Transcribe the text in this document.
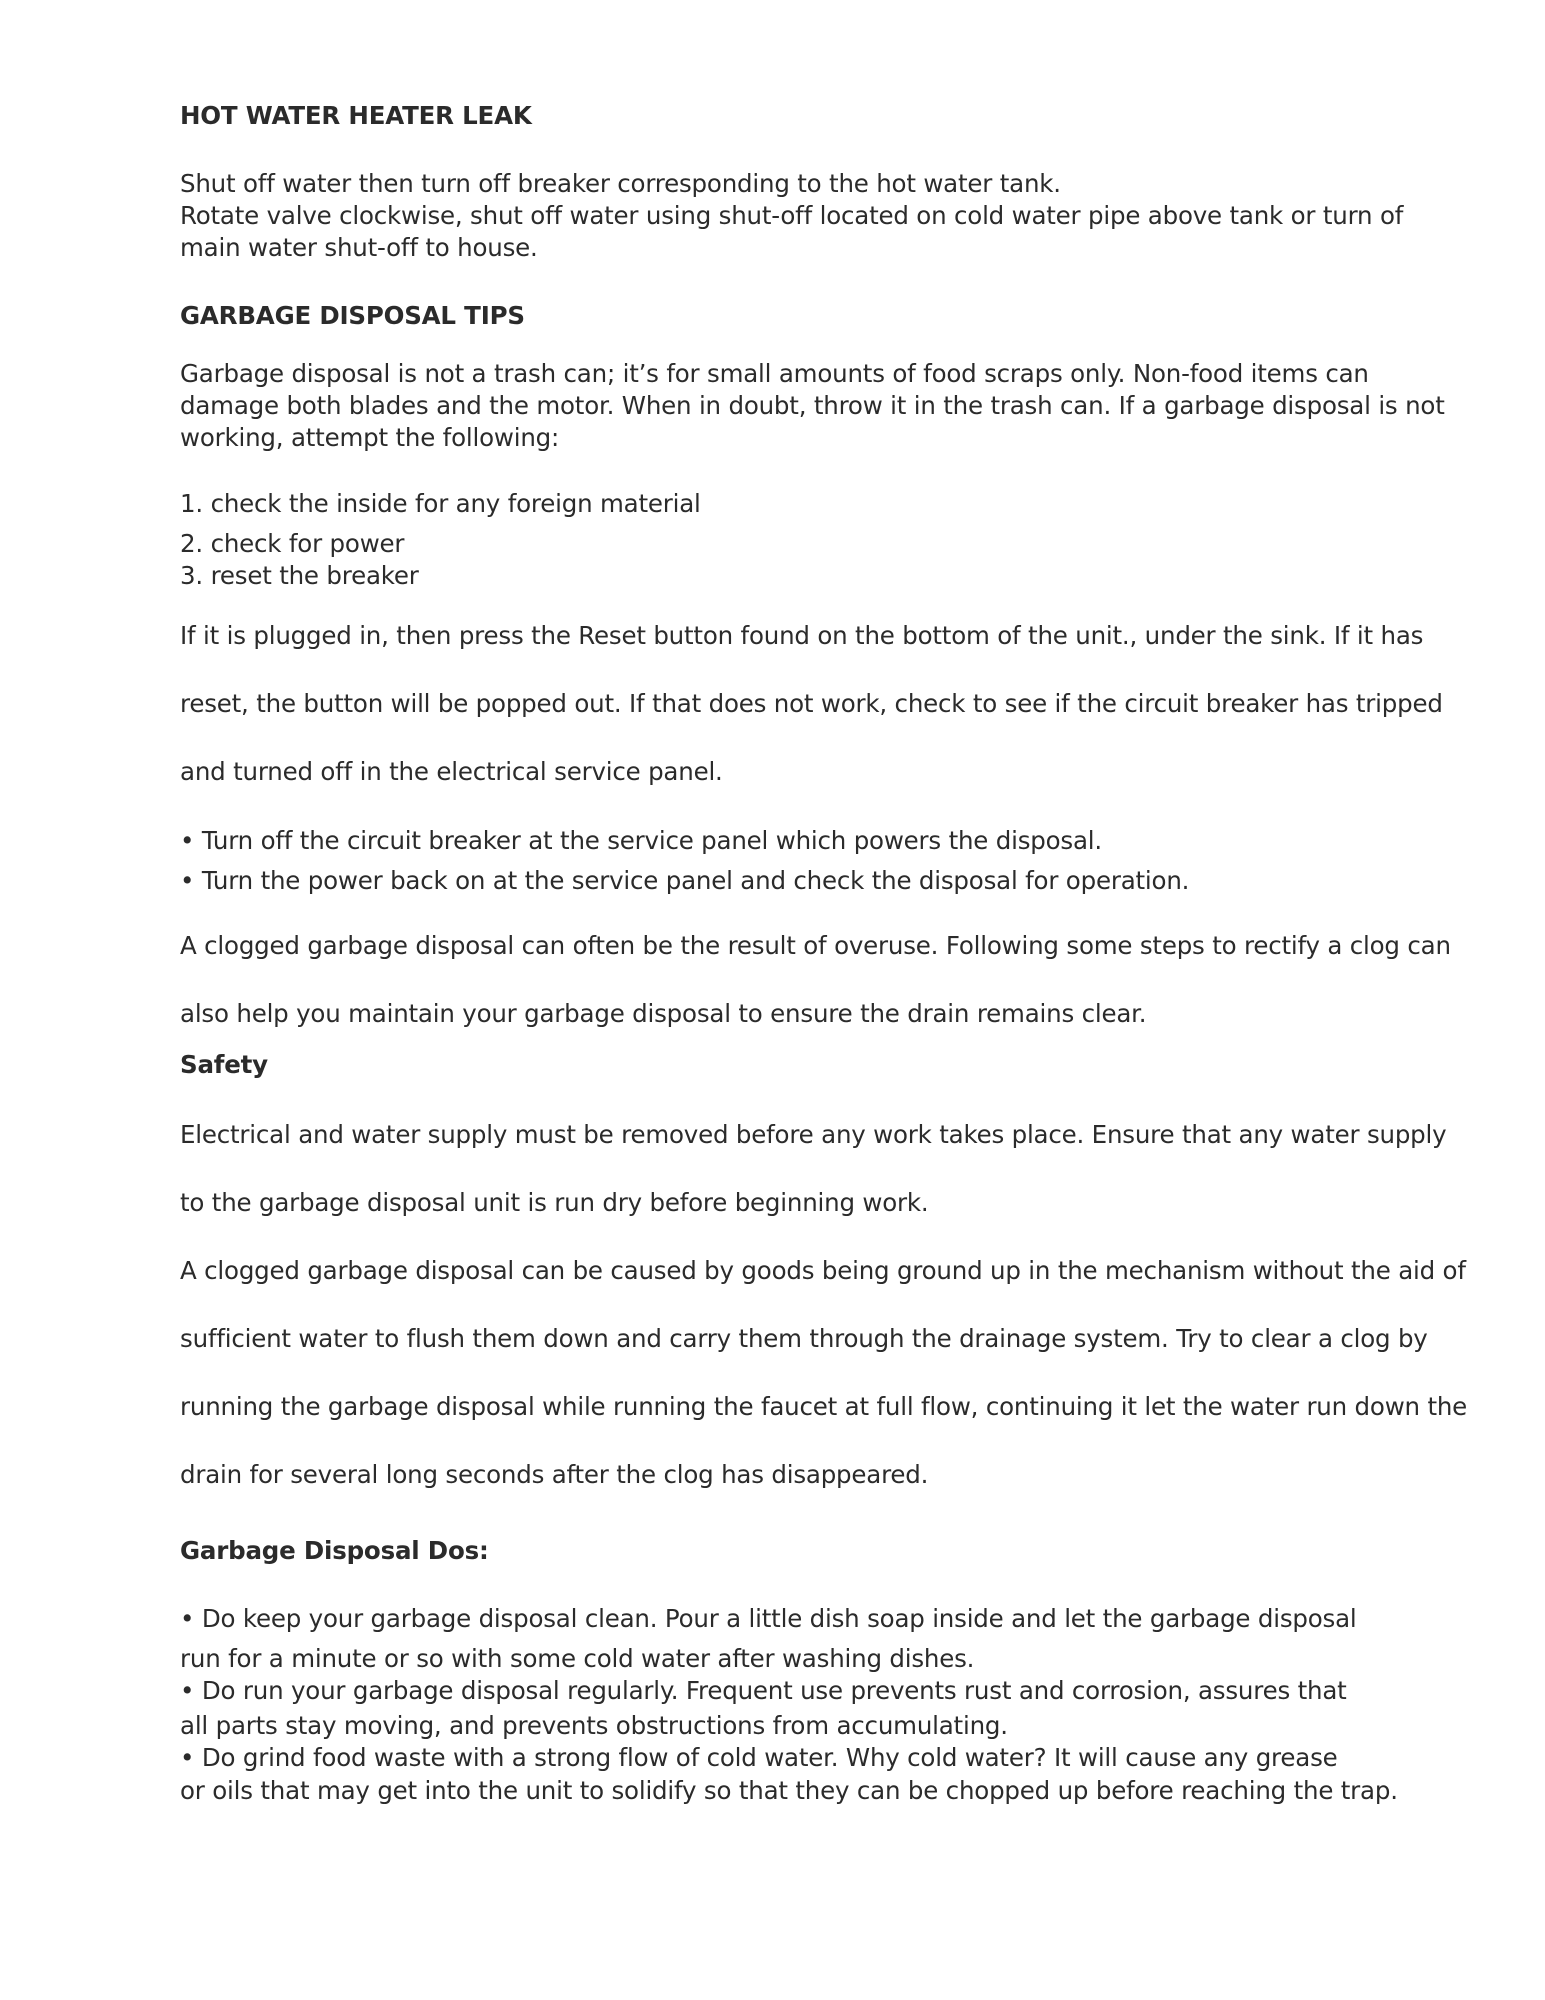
HOT WATER HEATER LEAK
Shut off water then turn off breaker corresponding to the hot water tank.
Rotate valve clockwise, shut off water using shut-off located on cold water pipe above tank or turn of
main water shut-off to house.
GARBAGE DISPOSAL TIPS
Garbage disposal is not a trash can; it’s for small amounts of food scraps only. Non-food items can
damage both blades and the motor. When in doubt, throw it in the trash can. If a garbage disposal is not
working, attempt the following:
1. check the inside for any foreign material
2. check for power
3. reset the breaker
If it is plugged in, then press the Reset button found on the bottom of the unit., under the sink. If it has
reset, the button will be popped out. If that does not work, check to see if the circuit breaker has tripped
and turned off in the electrical service panel.
• Turn off the circuit breaker at the service panel which powers the disposal.
• Turn the power back on at the service panel and check the disposal for operation.
A clogged garbage disposal can often be the result of overuse. Following some steps to rectify a clog can
also help you maintain your garbage disposal to ensure the drain remains clear.
Safety
Electrical and water supply must be removed before any work takes place. Ensure that any water supply
to the garbage disposal unit is run dry before beginning work.
A clogged garbage disposal can be caused by goods being ground up in the mechanism without the aid of
sufficient water to flush them down and carry them through the drainage system. Try to clear a clog by
running the garbage disposal while running the faucet at full flow, continuing it let the water run down the
drain for several long seconds after the clog has disappeared.
Garbage Disposal Dos:
• Do keep your garbage disposal clean. Pour a little dish soap inside and let the garbage disposal
run for a minute or so with some cold water after washing dishes.
• Do run your garbage disposal regularly. Frequent use prevents rust and corrosion, assures that
all parts stay moving, and prevents obstructions from accumulating.
• Do grind food waste with a strong flow of cold water. Why cold water? It will cause any grease
or oils that may get into the unit to solidify so that they can be chopped up before reaching the trap.
